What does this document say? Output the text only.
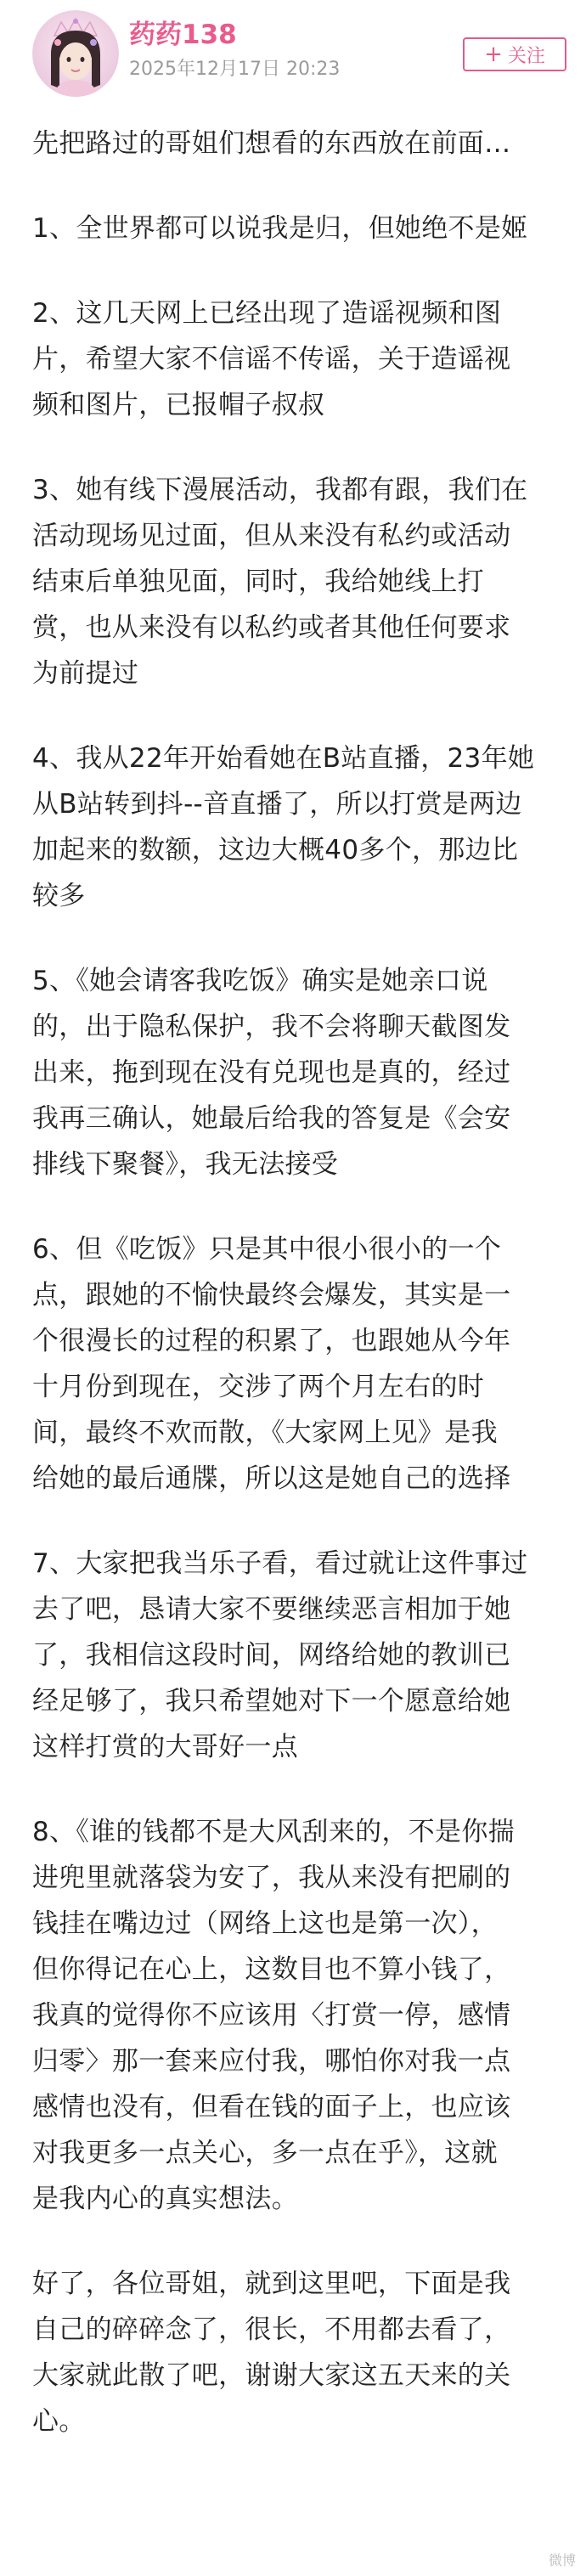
药药138
2025年12月17日 20:23
+ 关注
先把路过的哥姐们想看的东西放在前面…
1、全世界都可以说我是归，但她绝不是姬
2、这几天网上已经出现了造谣视频和图
片，希望大家不信谣不传谣，关于造谣视
频和图片，已报帽子叔叔
3、她有线下漫展活动，我都有跟，我们在
活动现场见过面，但从来没有私约或活动
结束后单独见面，同时，我给她线上打
赏，也从来没有以私约或者其他任何要求
为前提过
4、我从22年开始看她在B站直播，23年她
从B站转到抖--音直播了，所以打赏是两边
加起来的数额，这边大概40多个，那边比
较多
5、《她会请客我吃饭》确实是她亲口说
的，出于隐私保护，我不会将聊天截图发
出来，拖到现在没有兑现也是真的，经过
我再三确认，她最后给我的答复是《会安
排线下聚餐》，我无法接受
6、但《吃饭》只是其中很小很小的一个
点，跟她的不愉快最终会爆发，其实是一
个很漫长的过程的积累了，也跟她从今年
十月份到现在，交涉了两个月左右的时
间，最终不欢而散，《大家网上见》是我
给她的最后通牒，所以这是她自己的选择
7、大家把我当乐子看，看过就让这件事过
去了吧，恳请大家不要继续恶言相加于她
了，我相信这段时间，网络给她的教训已
经足够了，我只希望她对下一个愿意给她
这样打赏的大哥好一点
8、《谁的钱都不是大风刮来的，不是你揣
进兜里就落袋为安了，我从来没有把刷的
钱挂在嘴边过（网络上这也是第一次），
但你得记在心上，这数目也不算小钱了，
我真的觉得你不应该用〈打赏一停，感情
归零〉那一套来应付我，哪怕你对我一点
感情也没有，但看在钱的面子上，也应该
对我更多一点关心，多一点在乎》，这就
是我内心的真实想法。
好了，各位哥姐，就到这里吧，下面是我
自己的碎碎念了，很长，不用都去看了，
大家就此散了吧，谢谢大家这五天来的关
心。
微博
